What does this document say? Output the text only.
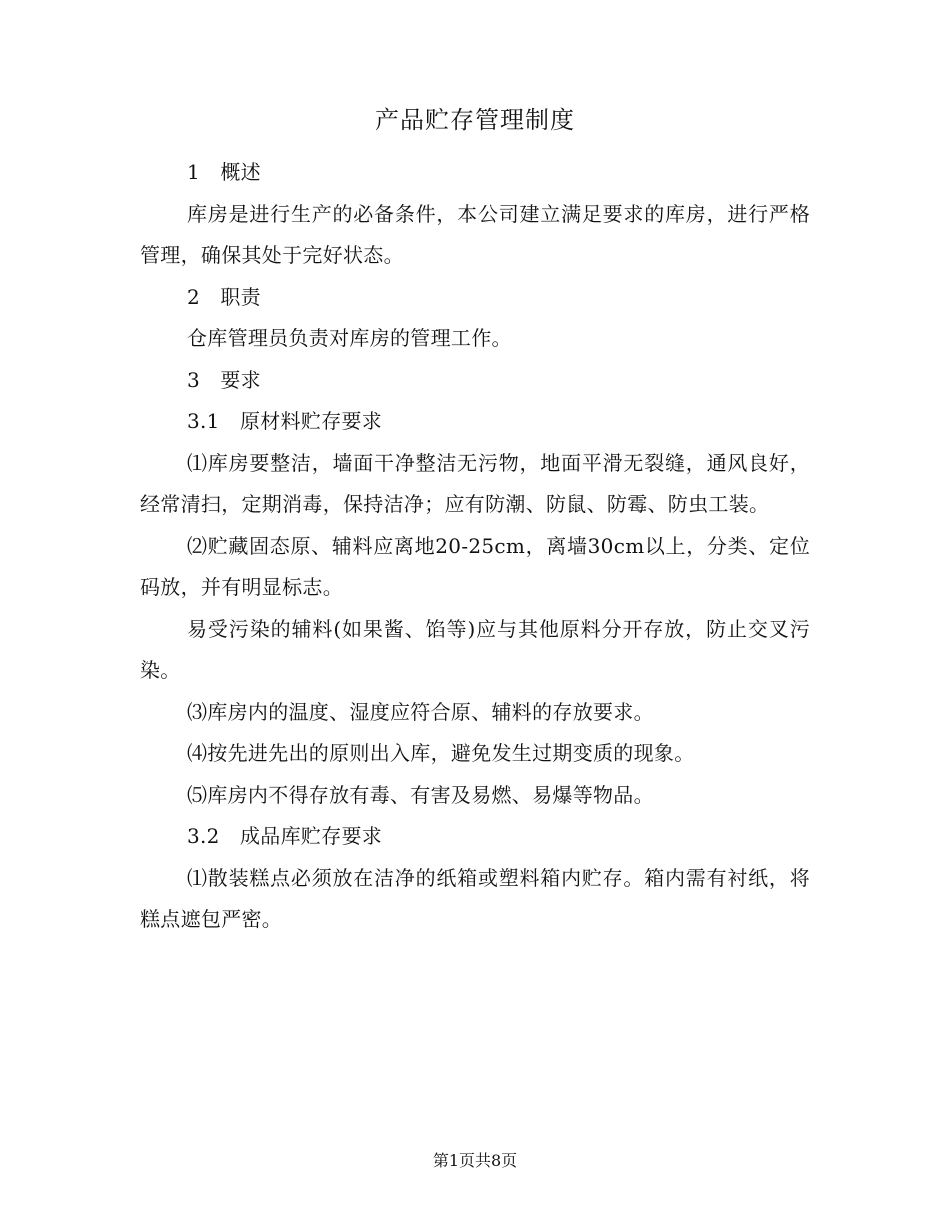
产品贮存管理制度

1　概述

库房是进行生产的必备条件，本公司建立满足要求的库房，进行严格管理，确保其处于完好状态。

2　职责

仓库管理员负责对库房的管理工作。

3　要求

3.1　原材料贮存要求

⑴库房要整洁，墙面干净整洁无污物，地面平滑无裂缝，通风良好，经常清扫，定期消毒，保持洁净；应有防潮、防鼠、防霉、防虫工装。

⑵贮藏固态原、辅料应离地20-25cm，离墙30cm以上，分类、定位码放，并有明显标志。

易受污染的辅料(如果酱、馅等)应与其他原料分开存放，防止交叉污染。

⑶库房内的温度、湿度应符合原、辅料的存放要求。

⑷按先进先出的原则出入库，避免发生过期变质的现象。

⑸库房内不得存放有毒、有害及易燃、易爆等物品。

3.2　成品库贮存要求

⑴散装糕点必须放在洁净的纸箱或塑料箱内贮存。箱内需有衬纸，将糕点遮包严密。

第1页共8页
